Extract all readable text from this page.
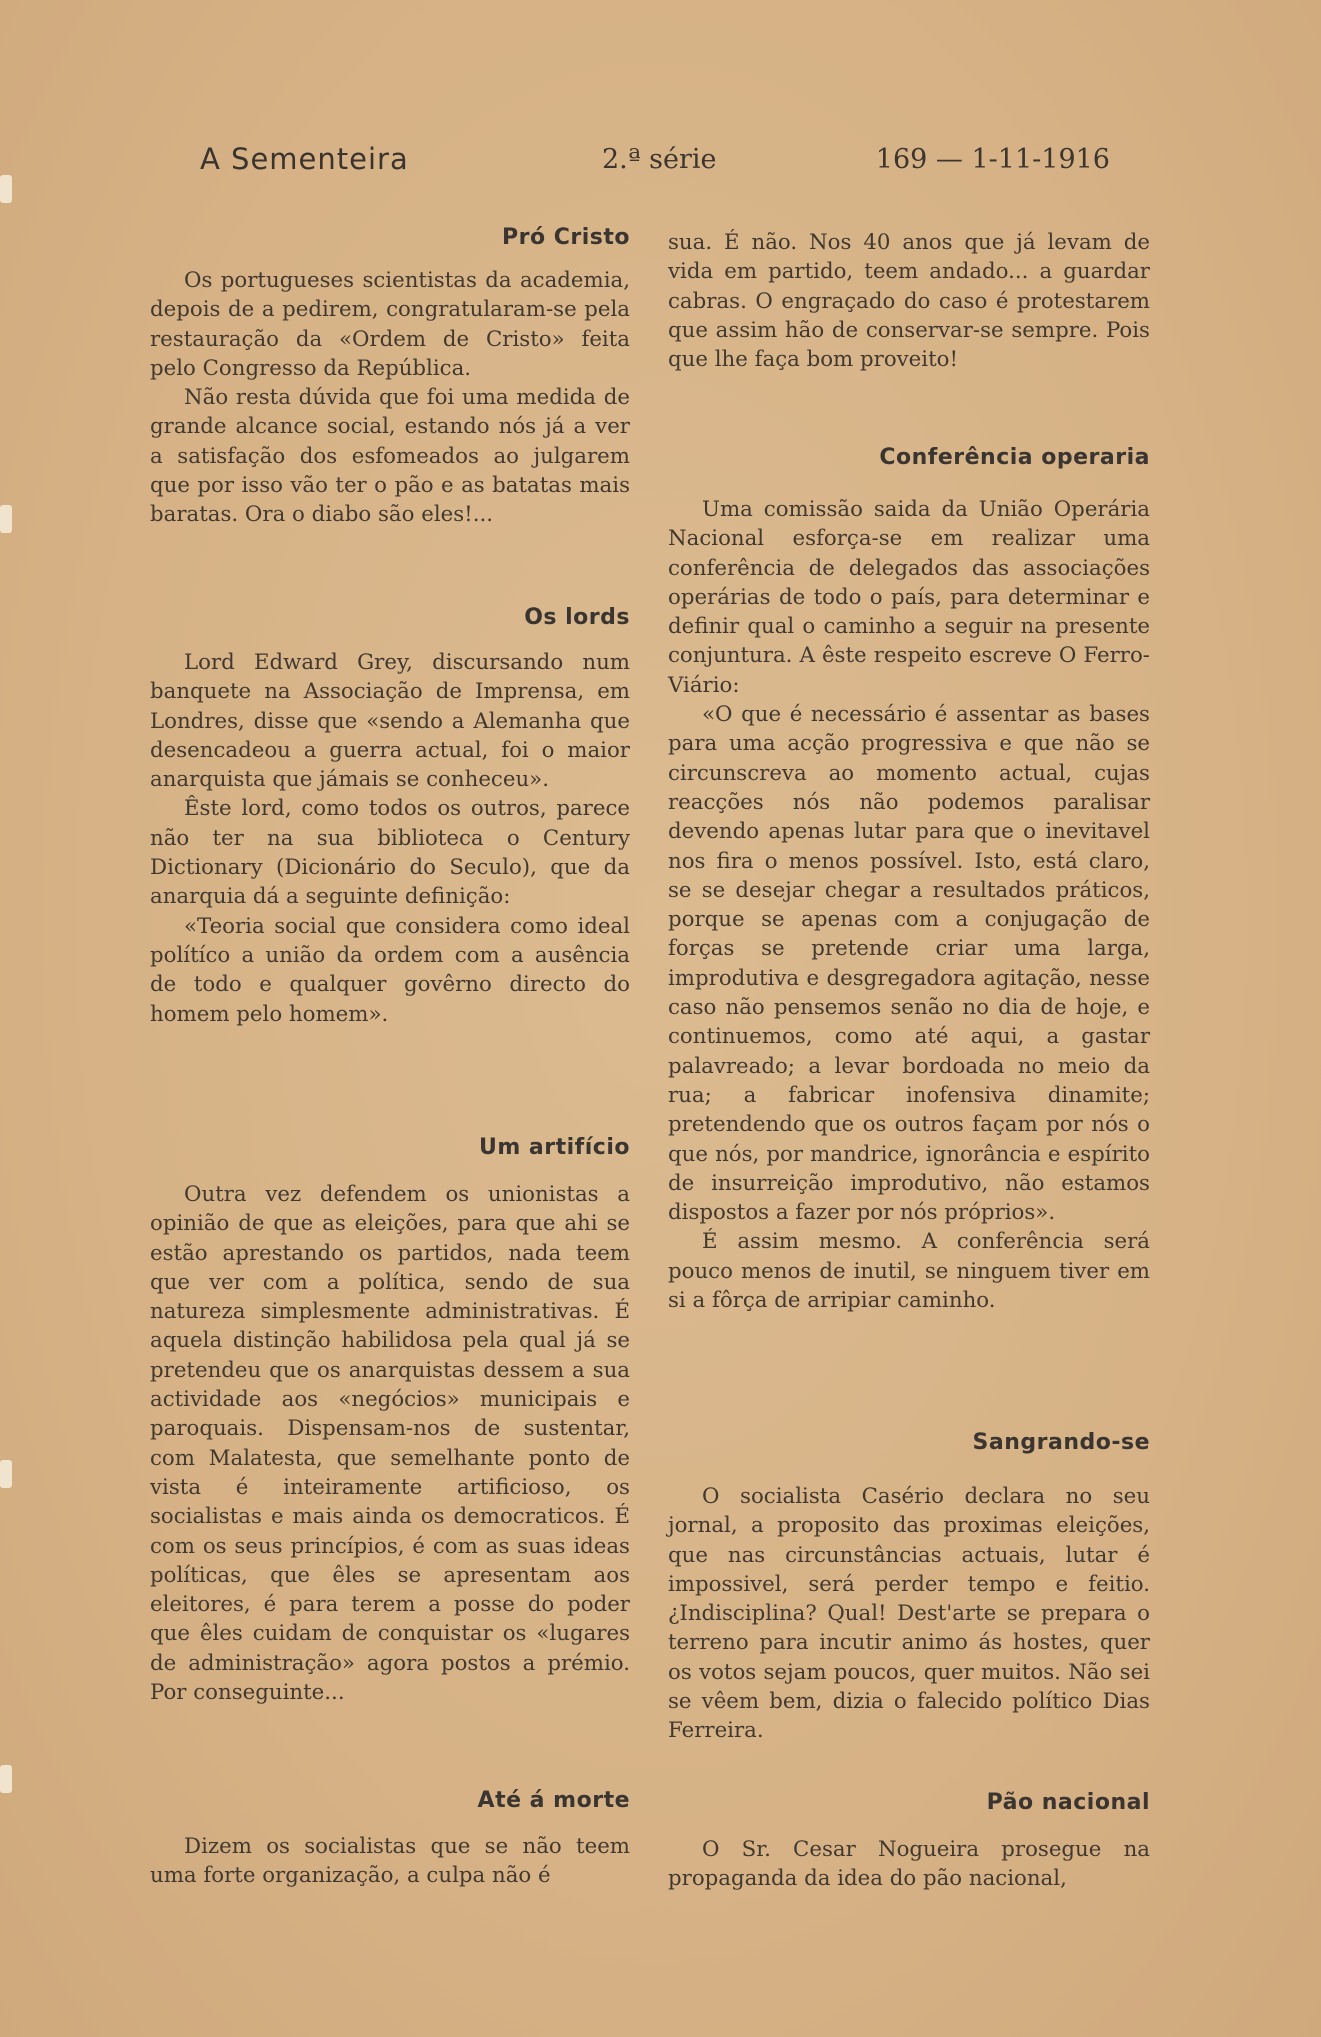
A Sementeira	2.ª série	169 — 1-11-1916
Pró Cristo

Os portugueses scientistas da academia, depois de a pedirem, congratularam-se pela restauração da «Ordem de Cristo» feita pelo Congresso da República.

Não resta dúvida que foi uma medida de grande alcance social, estando nós já a ver a satisfação dos esfomeados ao julgarem que por isso vão ter o pão e as batatas mais baratas. Ora o diabo são eles!...

Os lords

Lord Edward Grey, discursando num banquete na Associação de Imprensa, em Londres, disse que «sendo a Alemanha que desencadeou a guerra actual, foi o maior anarquista que jámais se conheceu».

Êste lord, como todos os outros, parece não ter na sua biblioteca o Century Dictionary (Dicionário do Seculo), que da anarquia dá a seguinte definição:

«Teoria social que considera como ideal polítíco a união da ordem com a ausência de todo e qualquer govêrno directo do homem pelo homem».

Um artifício

Outra vez defendem os unionistas a opinião de que as eleições, para que ahi se estão aprestando os partidos, nada teem que ver com a política, sendo de sua natureza simplesmente administrativas. É aquela distinção habilidosa pela qual já se pretendeu que os anarquistas dessem a sua actividade aos «negócios» municipais e paroquais. Dispensam-nos de sustentar, com Malatesta, que semelhante ponto de vista é inteiramente artificioso, os socialistas e mais ainda os democraticos. É com os seus princípios, é com as suas ideas políticas, que êles se apresentam aos eleitores, é para terem a posse do poder que êles cuidam de conquistar os «lugares de administração» agora postos a prémio. Por conseguinte...

Até á morte

Dizem os socialistas que se não teem uma forte organização, a culpa não é

sua. É não. Nos 40 anos que já levam de vida em partido, teem andado... a guardar cabras. O engraçado do caso é protestarem que assim hão de conservar-se sempre. Pois que lhe faça bom proveito!

Conferência operaria

Uma comissão saida da União Operária Nacional esforça-se em realizar uma conferência de delegados das associações operárias de todo o país, para determinar e definir qual o caminho a seguir na presente conjuntura. A êste respeito escreve O Ferro-Viário:

«O que é necessário é assentar as bases para uma acção progressiva e que não se circunscreva ao momento actual, cujas reacções nós não podemos paralisar devendo apenas lutar para que o inevitavel nos fira o menos possível. Isto, está claro, se se desejar chegar a resultados práticos, porque se apenas com a conjugação de forças se pretende criar uma larga, improdutiva e desgregadora agitação, nesse caso não pensemos senão no dia de hoje, e continuemos, como até aqui, a gastar palavreado; a levar bordoada no meio da rua; a fabricar inofensiva dinamite; pretendendo que os outros façam por nós o que nós, por mandrice, ignorância e espírito de insurreição improdutivo, não estamos dispostos a fazer por nós próprios».

É assim mesmo. A conferência será pouco menos de inutil, se ninguem tiver em si a fôrça de arripiar caminho.

Sangrando-se

O socialista Casério declara no seu jornal, a proposito das proximas eleições, que nas circunstâncias actuais, lutar é impossivel, será perder tempo e feitio. ¿Indisciplina? Qual! Dest'arte se prepara o terreno para incutir animo ás hostes, quer os votos sejam poucos, quer muitos. Não sei se vêem bem, dizia o falecido político Dias Ferreira.

Pão nacional

O Sr. Cesar Nogueira prosegue na propaganda da idea do pão nacional,
